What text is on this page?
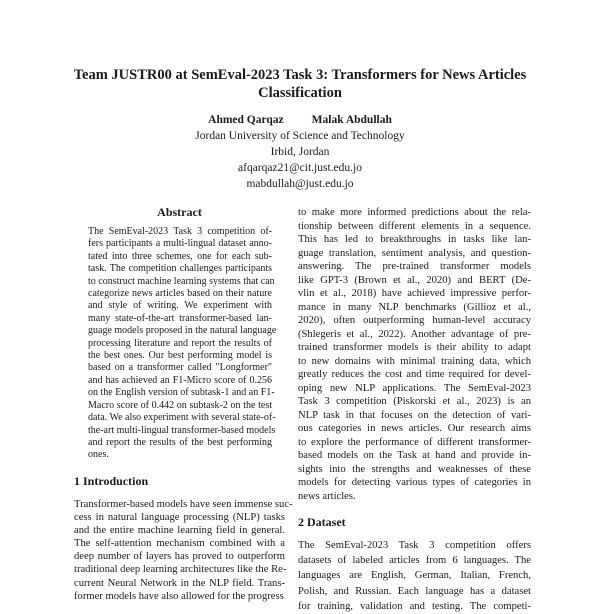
Team JUSTR00 at SemEval-2023 Task 3: Transformers for News Articles
Classification
Ahmed Qarqaz Malak Abdullah
Jordan University of Science and Technology
Irbid, Jordan
afqarqaz21@cit.just.edu.jo
mabdullah@just.edu.jo
Abstract
The SemEval-2023 Task 3 competition of-
fers participants a multi-lingual dataset anno-
tated into three schemes, one for each sub-
task. The competition challenges participants
to construct machine learning systems that can
categorize news articles based on their nature
and style of writing. We experiment with
many state-of-the-art transformer-based lan-
guage models proposed in the natural language
processing literature and report the results of
the best ones. Our best performing model is
based on a transformer called "Longformer"
and has achieved an F1-Micro score of 0.256
on the English version of subtask-1 and an F1-
Macro score of 0.442 on subtask-2 on the test
data. We also experiment with several state-of-
the-art multi-lingual transformer-based models
and report the results of the best performing
ones.
1 Introduction
Transformer-based models have seen immense suc-
cess in natural language processing (NLP) tasks
and the entire machine learning field in general.
The self-attention mechanism combined with a
deep number of layers has proved to outperform
traditional deep learning architectures like the Re-
current Neural Network in the NLP field. Trans-
former models have also allowed for the progress
to make more informed predictions about the rela-
tionship between different elements in a sequence.
This has led to breakthroughs in tasks like lan-
guage translation, sentiment analysis, and question-
answering. The pre-trained transformer models
like GPT-3 (Brown et al., 2020) and BERT (De-
vlin et al., 2018) have achieved impressive perfor-
mance in many NLP benchmarks (Gillioz et al.,
2020), often outperforming human-level accuracy
(Shlegeris et al., 2022). Another advantage of pre-
trained transformer models is their ability to adapt
to new domains with minimal training data, which
greatly reduces the cost and time required for devel-
oping new NLP applications. The SemEval-2023
Task 3 competition (Piskorski et al., 2023) is an
NLP task in that focuses on the detection of vari-
ous categories in news articles. Our research aims
to explore the performance of different transformer-
based models on the Task at hand and provide in-
sights into the strengths and weaknesses of these
models for detecting various types of categories in
news articles.
2 Dataset
The SemEval-2023 Task 3 competition offers
datasets of labeled articles from 6 languages. The
languages are English, German, Italian, French,
Polish, and Russian. Each language has a dataset
for training, validation and testing. The competi-
